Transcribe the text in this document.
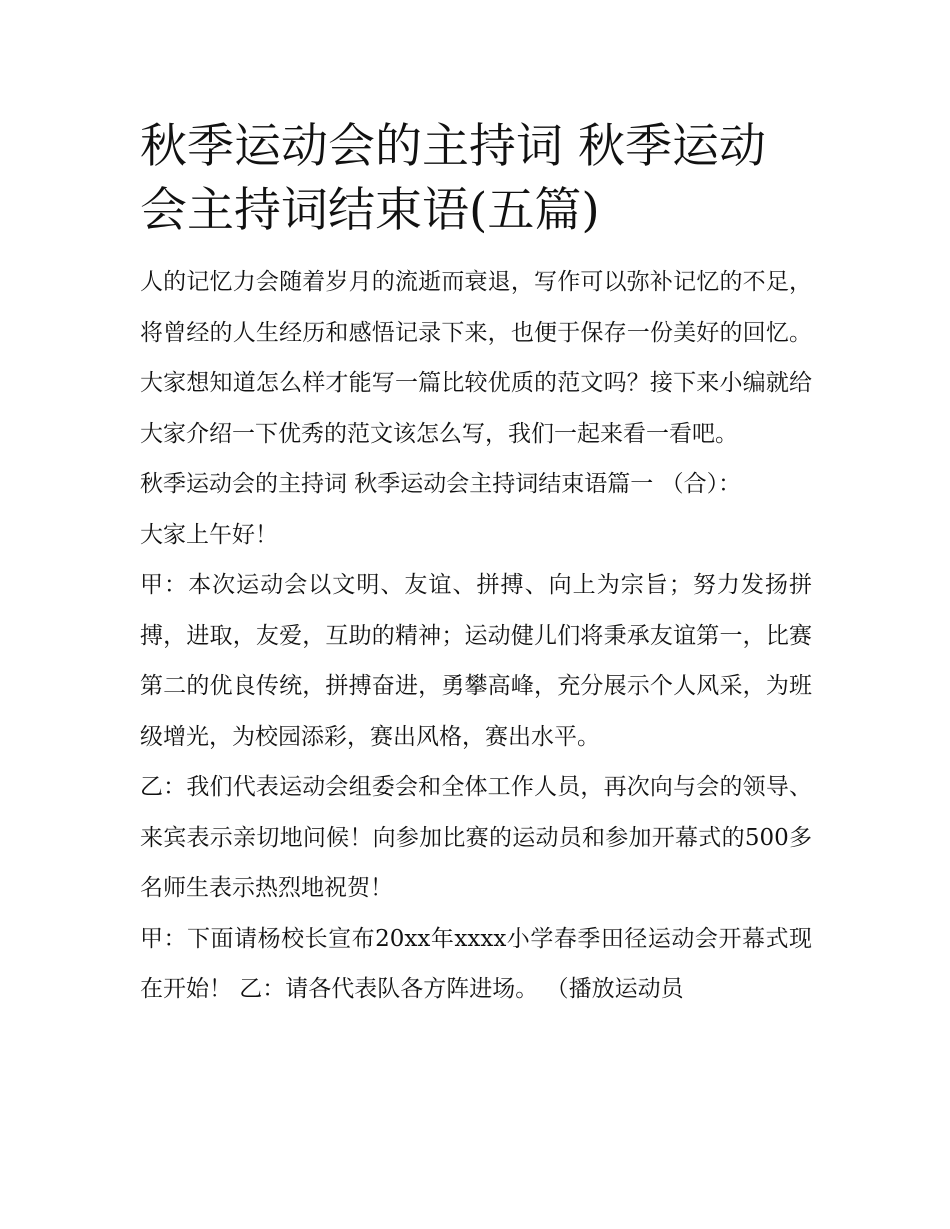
秋季运动会的主持词 秋季运动会主持词结束语(五篇)

人的记忆力会随着岁月的流逝而衰退，写作可以弥补记忆的不足，将曾经的人生经历和感悟记录下来，也便于保存一份美好的回忆。大家想知道怎么样才能写一篇比较优质的范文吗？接下来小编就给大家介绍一下优秀的范文该怎么写，我们一起来看一看吧。

秋季运动会的主持词 秋季运动会主持词结束语篇一 （合）：

大家上午好！

甲：本次运动会以文明、友谊、拼搏、向上为宗旨；努力发扬拼搏，进取，友爱，互助的精神；运动健儿们将秉承友谊第一，比赛第二的优良传统，拼搏奋进，勇攀高峰，充分展示个人风采，为班级增光，为校园添彩，赛出风格，赛出水平。

乙：我们代表运动会组委会和全体工作人员，再次向与会的领导、来宾表示亲切地问候！向参加比赛的运动员和参加开幕式的500多名师生表示热烈地祝贺！

甲：下面请杨校长宣布20xx年xxxx小学春季田径运动会开幕式现在开始！ 乙：请各代表队各方阵进场。 （播放运动员
